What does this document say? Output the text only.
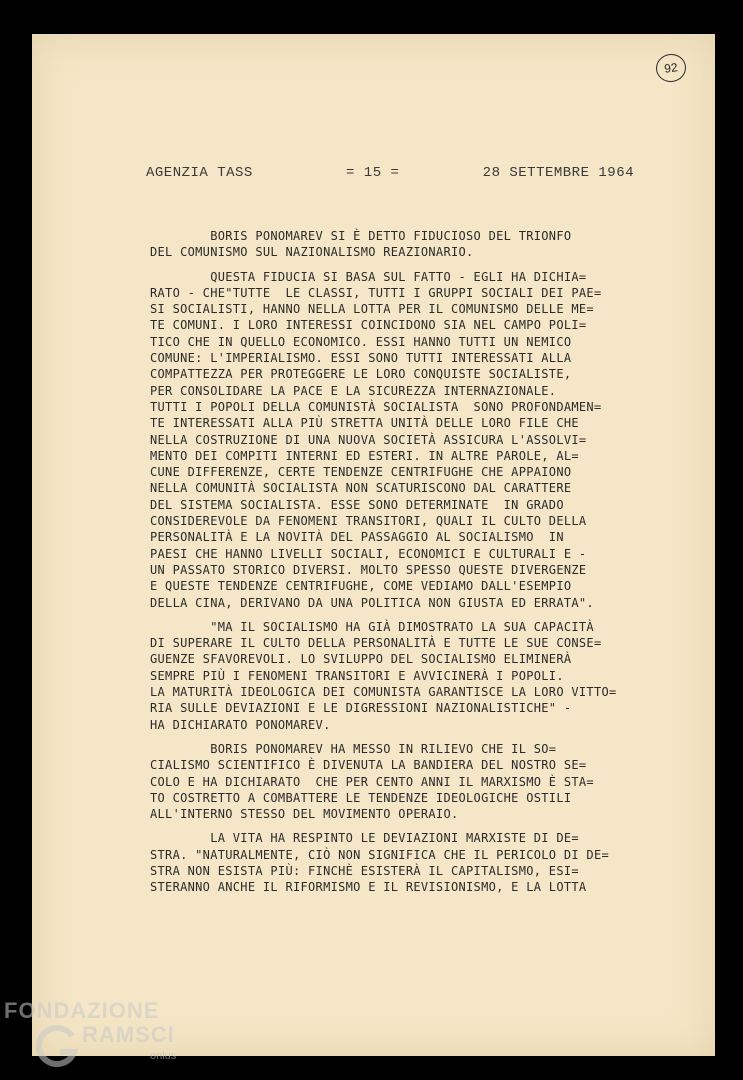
92
AGENZIA TASS	= 15 =	28 SETTEMBRE 1964
BORIS PONOMAREV SI È DETTO FIDUCIOSO DEL TRIONFO
DEL COMUNISMO SUL NAZIONALISMO REAZIONARIO.
QUESTA FIDUCIA SI BASA SUL FATTO - EGLI HA DICHIA=
RATO - CHE"TUTTE  LE CLASSI, TUTTI I GRUPPI SOCIALI DEI PAE=
SI SOCIALISTI, HANNO NELLA LOTTA PER IL COMUNISMO DELLE ME=
TE COMUNI. I LORO INTERESSI COINCIDONO SIA NEL CAMPO POLI=
TICO CHE IN QUELLO ECONOMICO. ESSI HANNO TUTTI UN NEMICO
COMUNE: L'IMPERIALISMO. ESSI SONO TUTTI INTERESSATI ALLA
COMPATTEZZA PER PROTEGGERE LE LORO CONQUISTE SOCIALISTE,
PER CONSOLIDARE LA PACE E LA SICUREZZA INTERNAZIONALE.
TUTTI I POPOLI DELLA COMUNISTÀ SOCIALISTA  SONO PROFONDAMEN=
TE INTERESSATI ALLA PIÙ STRETTA UNITÀ DELLE LORO FILE CHE
NELLA COSTRUZIONE DI UNA NUOVA SOCIETÀ ASSICURA L'ASSOLVI=
MENTO DEI COMPITI INTERNI ED ESTERI. IN ALTRE PAROLE, AL=
CUNE DIFFERENZE, CERTE TENDENZE CENTRIFUGHE CHE APPAIONO
NELLA COMUNITÀ SOCIALISTA NON SCATURISCONO DAL CARATTERE
DEL SISTEMA SOCIALISTA. ESSE SONO DETERMINATE  IN GRADO
CONSIDEREVOLE DA FENOMENI TRANSITORI, QUALI IL CULTO DELLA
PERSONALITÀ E LA NOVITÀ DEL PASSAGGIO AL SOCIALISMO  IN
PAESI CHE HANNO LIVELLI SOCIALI, ECONOMICI E CULTURALI E -
UN PASSATO STORICO DIVERSI. MOLTO SPESSO QUESTE DIVERGENZE
E QUESTE TENDENZE CENTRIFUGHE, COME VEDIAMO DALL'ESEMPIO
DELLA CINA, DERIVANO DA UNA POLITICA NON GIUSTA ED ERRATA".
"MA IL SOCIALISMO HA GIÀ DIMOSTRATO LA SUA CAPACITÀ
DI SUPERARE IL CULTO DELLA PERSONALITÀ E TUTTE LE SUE CONSE=
GUENZE SFAVOREVOLI. LO SVILUPPO DEL SOCIALISMO ELIMINERÀ
SEMPRE PIÙ I FENOMENI TRANSITORI E AVVICINERÀ I POPOLI.
LA MATURITÀ IDEOLOGICA DEI COMUNISTA GARANTISCE LA LORO VITTO=
RIA SULLE DEVIAZIONI E LE DIGRESSIONI NAZIONALISTICHE" -
HA DICHIARATO PONOMAREV.
BORIS PONOMAREV HA MESSO IN RILIEVO CHE IL SO=
CIALISMO SCIENTIFICO È DIVENUTA LA BANDIERA DEL NOSTRO SE=
COLO E HA DICHIARATO  CHE PER CENTO ANNI IL MARXISMO È STA=
TO COSTRETTO A COMBATTERE LE TENDENZE IDEOLOGICHE OSTILI
ALL'INTERNO STESSO DEL MOVIMENTO OPERAIO.
LA VITA HA RESPINTO LE DEVIAZIONI MARXISTE DI DE=
STRA. "NATURALMENTE, CIÒ NON SIGNIFICA CHE IL PERICOLO DI DE=
STRA NON ESISTA PIÙ: FINCHÈ ESISTERÀ IL CAPITALISMO, ESI=
STERANNO ANCHE IL RIFORMISMO E IL REVISIONISMO, E LA LOTTA
FONDAZIONE
RAMSCI
onlus
